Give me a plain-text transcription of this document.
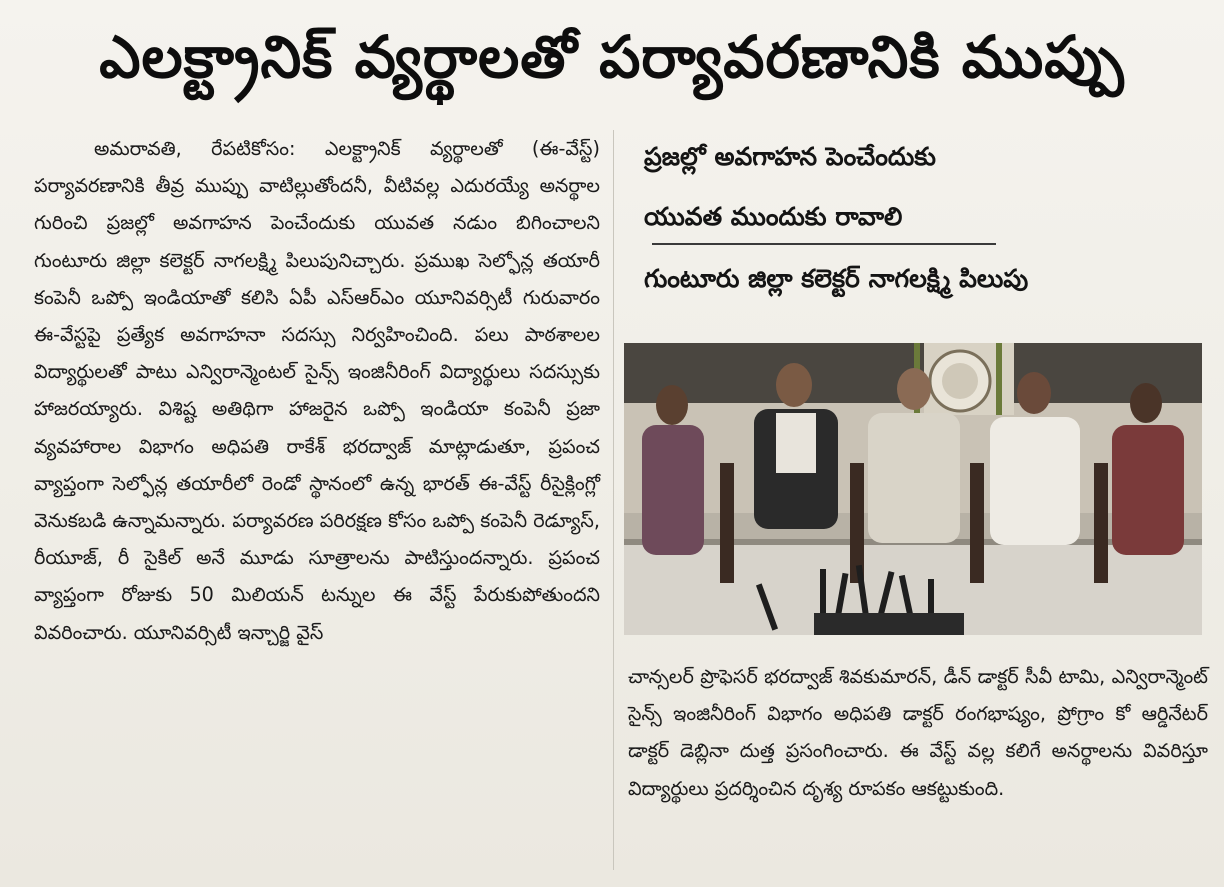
ఎలక్ట్రానిక్ వ్యర్థాలతో పర్యావరణానికి ముప్పు

అమరావతి, రేపటికోసం: ఎలక్ట్రానిక్ వ్యర్థాలతో (ఈ-వేస్ట్) పర్యావరణానికి తీవ్ర ముప్పు వాటిల్లుతోందనీ, వీటివల్ల ఎదురయ్యే అనర్థాల గురించి ప్రజల్లో అవగాహన పెంచేందుకు యువత నడుం బిగించాలని గుంటూరు జిల్లా కలెక్టర్ నాగలక్ష్మి పిలుపునిచ్చారు. ప్రముఖ సెల్ఫోన్ల తయారీ కంపెనీ ఒప్పో ఇండియాతో కలిసి ఏపీ ఎస్ఆర్ఎం యూనివర్సిటీ గురువారం ఈ-వేస్టపై ప్రత్యేక అవగాహనా సదస్సు నిర్వహించింది. పలు పాఠశాలల విద్యార్థులతో పాటు ఎన్విరాన్మెంటల్ సైన్స్ ఇంజినీరింగ్ విద్యార్థులు సదస్సుకు హాజరయ్యారు. విశిష్ట అతిథిగా హాజరైన ఒప్పో ఇండియా కంపెనీ ప్రజా వ్యవహారాల విభాగం అధిపతి రాకేశ్ భరద్వాజ్ మాట్లాడుతూ, ప్రపంచ వ్యాప్తంగా సెల్ఫోన్ల తయారీలో రెండో స్థానంలో ఉన్న భారత్ ఈ-వేస్ట్ రీసైక్లింగ్లో వెనుకబడి ఉన్నామన్నారు. పర్యావరణ పరిరక్షణ కోసం ఒప్పో కంపెనీ రెడ్యూస్, రీయూజ్, రీ సైకిల్ అనే మూడు సూత్రాలను పాటిస్తుందన్నారు. ప్రపంచ వ్యాప్తంగా రోజుకు 50 మిలియన్ టన్నుల ఈ వేస్ట్ పేరుకుపోతుందని వివరించారు. యూనివర్సిటీ ఇన్చార్జి వైస్

ప్రజల్లో అవగాహన పెంచేందుకు
యువత ముందుకు రావాలి
గుంటూరు జిల్లా కలెక్టర్ నాగలక్ష్మి పిలుపు

చాన్సలర్ ప్రొఫెసర్ భరద్వాజ్ శివకుమారన్, డీన్ డాక్టర్ సీవీ టామి, ఎన్విరాన్మెంట్ సైన్స్ ఇంజినీరింగ్ విభాగం అధిపతి డాక్టర్ రంగభాష్యం, ప్రోగ్రాం కో ఆర్డినేటర్ డాక్టర్ డెబ్లినా దుత్త ప్రసంగించారు. ఈ వేస్ట్ వల్ల కలిగే అనర్థాలను వివరిస్తూ విద్యార్థులు ప్రదర్శించిన దృశ్య రూపకం ఆకట్టుకుంది.
